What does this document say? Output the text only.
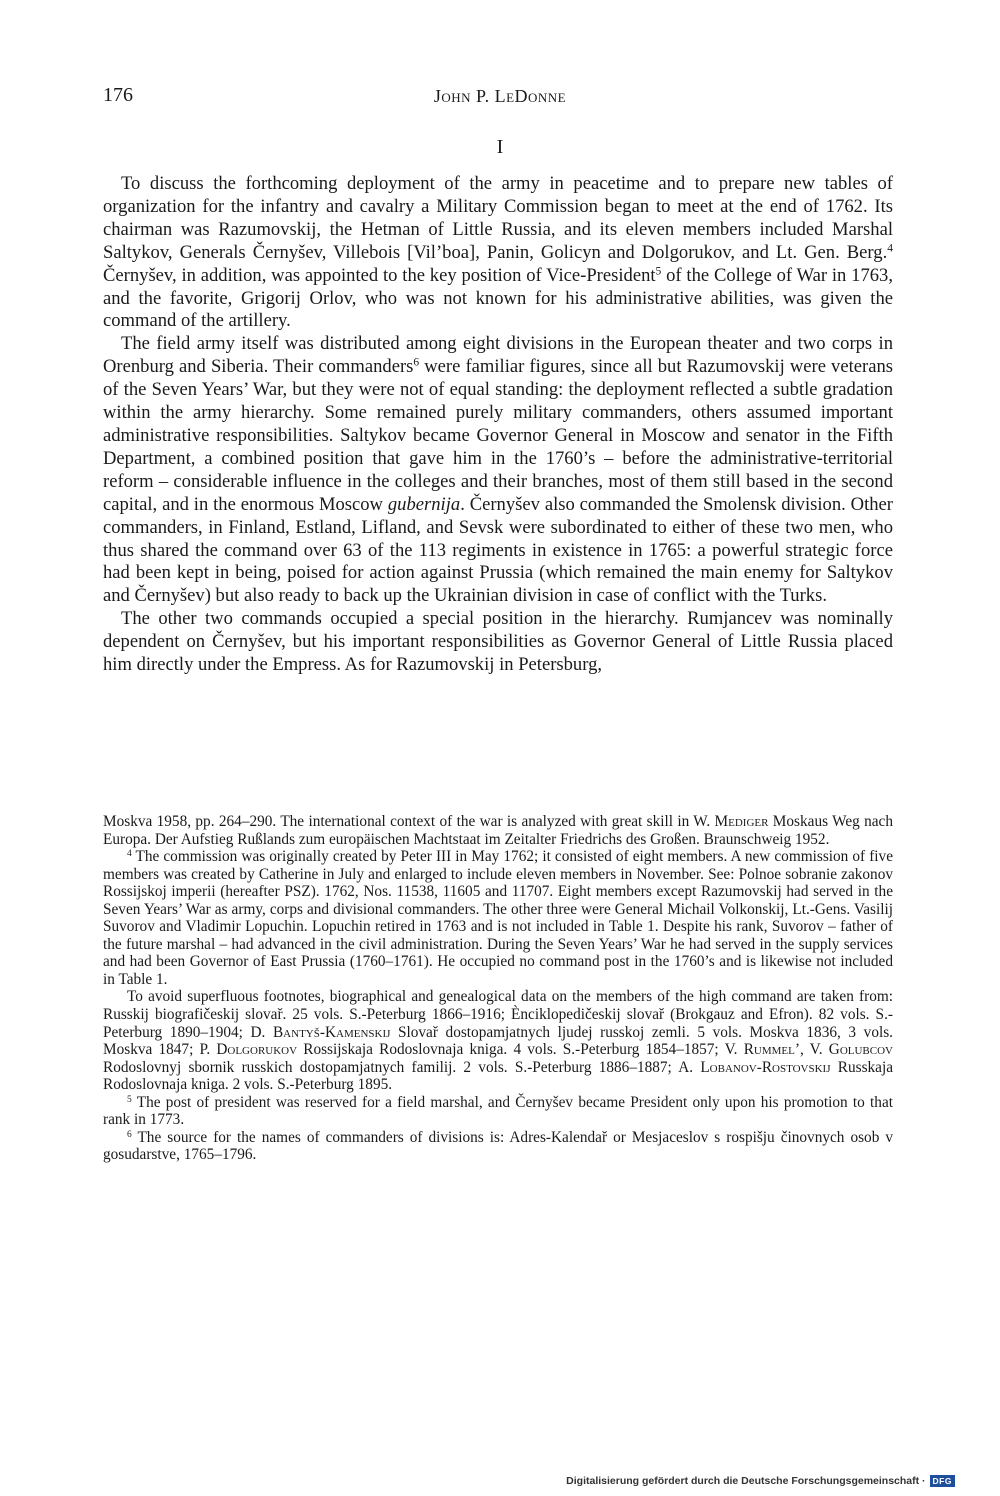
176	John P. LeDonne
I

To discuss the forthcoming deployment of the army in peacetime and to prepare new tables of organization for the infantry and cavalry a Military Commission began to meet at the end of 1762. Its chairman was Razumovskij, the Hetman of Little Russia, and its eleven members included Marshal Saltykov, Generals Černyšev, Villebois [Vil’boa], Panin, Golicyn and Dolgorukov, and Lt. Gen. Berg.$^4$ Černyšev, in addition, was appointed to the key position of Vice-President$^5$ of the College of War in 1763, and the favorite, Grigorij Orlov, who was not known for his administrative abilities, was given the command of the artillery.

The field army itself was distributed among eight divisions in the European theater and two corps in Orenburg and Siberia. Their commanders$^6$ were familiar figures, since all but Razumovskij were veterans of the Seven Years’ War, but they were not of equal standing: the deployment reflected a subtle gradation within the army hierarchy. Some remained purely military commanders, others assumed important administrative responsibilities. Saltykov became Governor General in Moscow and senator in the Fifth Department, a combined position that gave him in the 1760’s – before the administrative-territorial reform – considerable influence in the colleges and their branches, most of them still based in the second capital, and in the enormous Moscow gubernija. Černyšev also commanded the Smolensk division. Other commanders, in Finland, Estland, Lifland, and Sevsk were subordinated to either of these two men, who thus shared the command over 63 of the 113 regiments in existence in 1765: a powerful strategic force had been kept in being, poised for action against Prussia (which remained the main enemy for Saltykov and Černyšev) but also ready to back up the Ukrainian division in case of conflict with the Turks.

The other two commands occupied a special position in the hierarchy. Rumjancev was nominally dependent on Černyšev, but his important responsibilities as Governor General of Little Russia placed him directly under the Empress. As for Razumovskij in Petersburg,

Moskva 1958, pp. 264–290. The international context of the war is analyzed with great skill in W. Mediger Moskaus Weg nach Europa. Der Aufstieg Rußlands zum europäischen Machtstaat im Zeitalter Friedrichs des Großen. Braunschweig 1952.

$^4$ The commission was originally created by Peter III in May 1762; it consisted of eight members. A new commission of five members was created by Catherine in July and enlarged to include eleven members in November. See: Polnoe sobranie zakonov Rossijskoj imperii (hereafter PSZ). 1762, Nos. 11538, 11605 and 11707. Eight members except Razumovskij had served in the Seven Years’ War as army, corps and divisional commanders. The other three were General Michail Volkonskij, Lt.-Gens. Vasilij Suvorov and Vladimir Lopuchin. Lopuchin retired in 1763 and is not included in Table 1. Despite his rank, Suvorov – father of the future marshal – had advanced in the civil administration. During the Seven Years’ War he had served in the supply services and had been Governor of East Prussia (1760–1761). He occupied no command post in the 1760’s and is likewise not included in Table 1.

To avoid superfluous footnotes, biographical and genealogical data on the members of the high command are taken from: Russkij biografičeskij slovař. 25 vols. S.-Peterburg 1866–1916; Ènciklopedičeskij slovař (Brokgauz and Efron). 82 vols. S.-Peterburg 1890–1904; D. Bantyš-Kamenskij Slovař dostopamjatnych ljudej russkoj zemli. 5 vols. Moskva 1836, 3 vols. Moskva 1847; P. Dolgorukov Rossijskaja Rodoslovnaja kniga. 4 vols. S.-Peterburg 1854–1857; V. Rummel’, V. Golubcov Rodoslovnyj sbornik russkich dostopamjatnych familij. 2 vols. S.-Peterburg 1886–1887; A. Lobanov-Rostovskij Russkaja Rodoslovnaja kniga. 2 vols. S.-Peterburg 1895.

$^5$ The post of president was reserved for a field marshal, and Černyšev became President only upon his promotion to that rank in 1773.

$^6$ The source for the names of commanders of divisions is: Adres-Kalendař or Mesjaceslov s rospišju činovnych osob v gosudarstve, 1765–1796.

Digitalisierung gefördert durch die Deutsche Forschungsgemeinschaft · DFG
